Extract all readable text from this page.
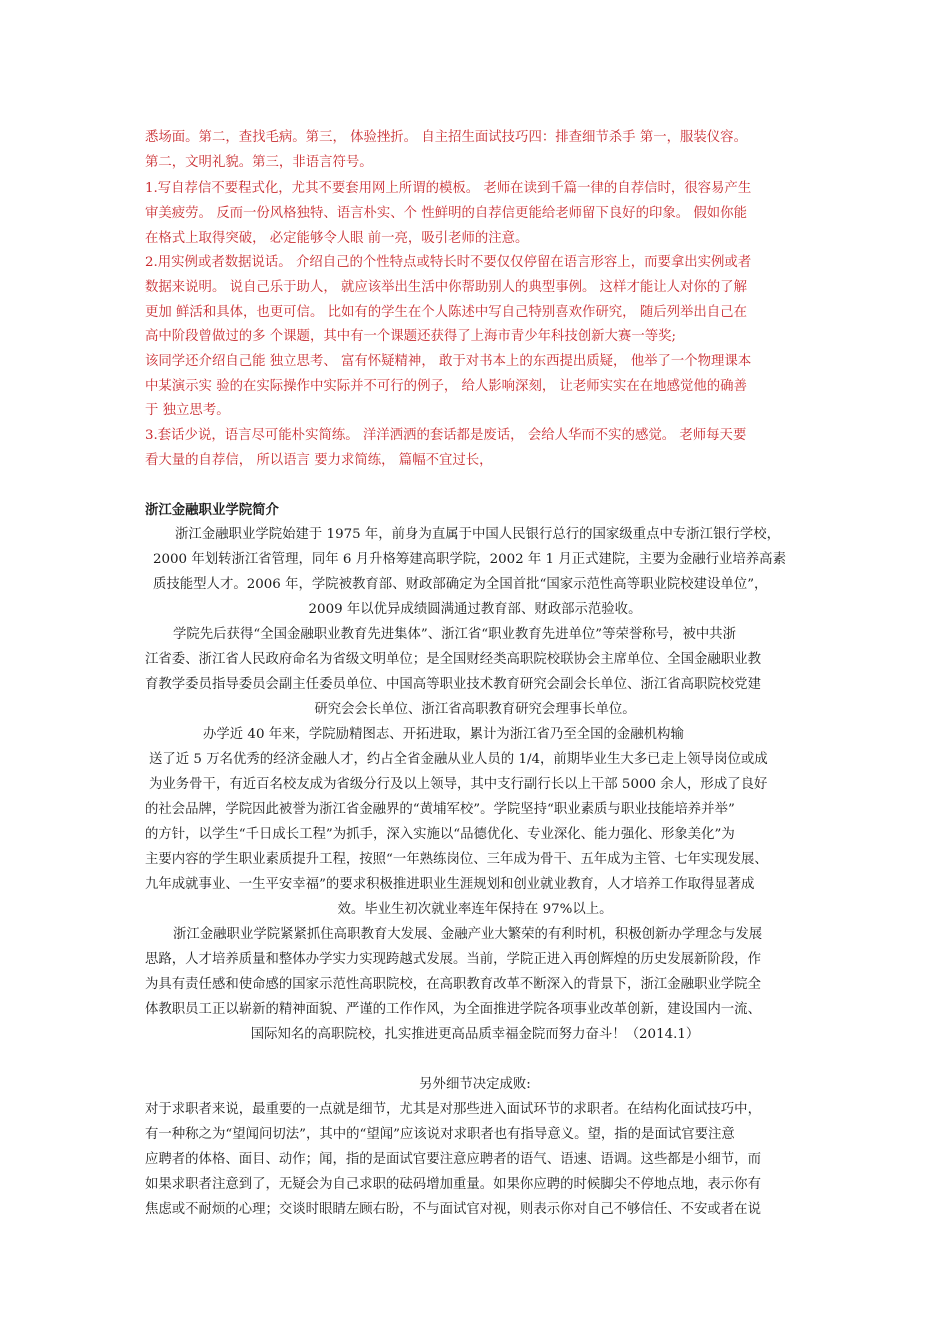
悉场面。第二，查找毛病。第三， 体验挫折。 自主招生面试技巧四：排查细节杀手 第一，服装仪容。
第二，文明礼貌。第三，非语言符号。
1.写自荐信不要程式化，尤其不要套用网上所谓的模板。 老师在读到千篇一律的自荐信时，很容易产生
审美疲劳。 反而一份风格独特、语言朴实、个 性鲜明的自荐信更能给老师留下良好的印象。 假如你能
在格式上取得突破， 必定能够令人眼 前一亮，吸引老师的注意。
2.用实例或者数据说话。 介绍自己的个性特点或特长时不要仅仅停留在语言形容上，而要拿出实例或者
数据来说明。 说自己乐于助人， 就应该举出生活中你帮助别人的典型事例。 这样才能让人对你的了解
更加 鲜活和具体，也更可信。 比如有的学生在个人陈述中写自己特别喜欢作研究， 随后列举出自己在
高中阶段曾做过的多 个课题，其中有一个课题还获得了上海市青少年科技创新大赛一等奖;
该同学还介绍自己能 独立思考、 富有怀疑精神， 敢于对书本上的东西提出质疑， 他举了一个物理课本
中某演示实 验的在实际操作中实际并不可行的例子， 给人影响深刻， 让老师实实在在地感觉他的确善
于 独立思考。
3.套话少说，语言尽可能朴实简练。 洋洋洒洒的套话都是废话， 会给人华而不实的感觉。 老师每天要
看大量的自荐信， 所以语言 要力求简练， 篇幅不宜过长，
浙江金融职业学院简介
浙江金融职业学院始建于 1975 年，前身为直属于中国人民银行总行的国家级重点中专浙江银行学校，
2000 年划转浙江省管理，同年 6 月升格筹建高职学院，2002 年 1 月正式建院，主要为金融行业培养高素
质技能型人才。2006 年，学院被教育部、财政部确定为全国首批“国家示范性高等职业院校建设单位”，
2009 年以优异成绩圆满通过教育部、财政部示范验收。
学院先后获得“全国金融职业教育先进集体”、浙江省“职业教育先进单位”等荣誉称号，被中共浙
江省委、浙江省人民政府命名为省级文明单位；是全国财经类高职院校联协会主席单位、全国金融职业教
育教学委员指导委员会副主任委员单位、中国高等职业技术教育研究会副会长单位、浙江省高职院校党建
研究会会长单位、浙江省高职教育研究会理事长单位。
办学近 40 年来，学院励精图志、开拓进取，累计为浙江省乃至全国的金融机构输
送了近 5 万名优秀的经济金融人才，约占全省金融从业人员的 1/4，前期毕业生大多已走上领导岗位或成
为业务骨干，有近百名校友成为省级分行及以上领导，其中支行副行长以上干部 5000 余人，形成了良好
的社会品牌，学院因此被誉为浙江省金融界的“黄埔军校”。学院坚持“职业素质与职业技能培养并举”
的方针，以学生“千日成长工程”为抓手，深入实施以“品德优化、专业深化、能力强化、形象美化”为
主要内容的学生职业素质提升工程，按照“一年熟练岗位、三年成为骨干、五年成为主管、七年实现发展、
九年成就事业、一生平安幸福”的要求积极推进职业生涯规划和创业就业教育，人才培养工作取得显著成
效。毕业生初次就业率连年保持在 97%以上。
浙江金融职业学院紧紧抓住高职教育大发展、金融产业大繁荣的有利时机，积极创新办学理念与发展
思路，人才培养质量和整体办学实力实现跨越式发展。当前，学院正进入再创辉煌的历史发展新阶段，作
为具有责任感和使命感的国家示范性高职院校，在高职教育改革不断深入的背景下，浙江金融职业学院全
体教职员工正以崭新的精神面貌、严谨的工作作风，为全面推进学院各项事业改革创新，建设国内一流、
国际知名的高职院校，扎实推进更高品质幸福金院而努力奋斗！（2014.1）
另外细节决定成败:
对于求职者来说，最重要的一点就是细节，尤其是对那些进入面试环节的求职者。在结构化面试技巧中，
有一种称之为“望闻问切法”，其中的“望闻”应该说对求职者也有指导意义。望，指的是面试官要注意
应聘者的体格、面目、动作；闻，指的是面试官要注意应聘者的语气、语速、语调。这些都是小细节，而
如果求职者注意到了，无疑会为自己求职的砝码增加重量。如果你应聘的时候脚尖不停地点地，表示你有
焦虑或不耐烦的心理；交谈时眼睛左顾右盼，不与面试官对视，则表示你对自己不够信任、不安或者在说
